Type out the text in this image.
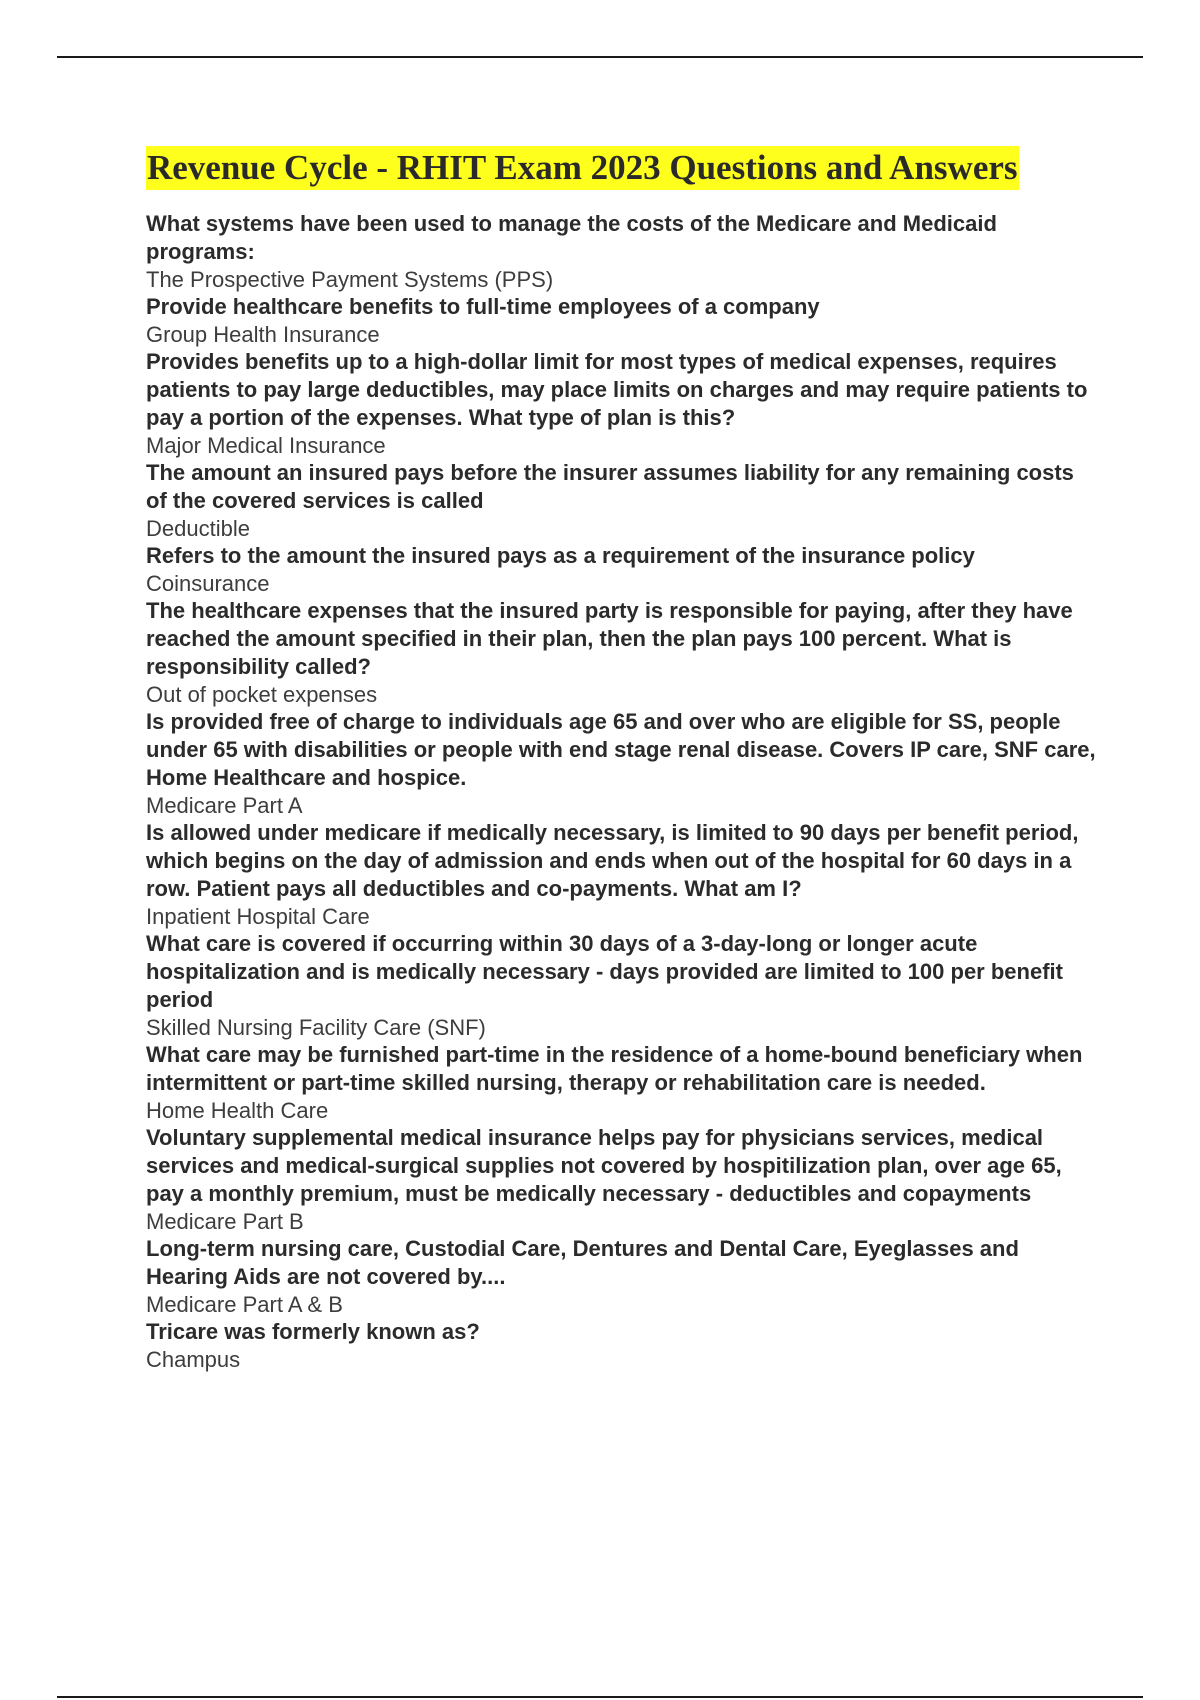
Revenue Cycle - RHIT Exam 2023 Questions and Answers

What systems have been used to manage the costs of the Medicare and Medicaid programs:

The Prospective Payment Systems (PPS)

Provide healthcare benefits to full-time employees of a company

Group Health Insurance

Provides benefits up to a high-dollar limit for most types of medical expenses, requires patients to pay large deductibles, may place limits on charges and may require patients to pay a portion of the expenses. What type of plan is this?

Major Medical Insurance

The amount an insured pays before the insurer assumes liability for any remaining costs of the covered services is called

Deductible

Refers to the amount the insured pays as a requirement of the insurance policy

Coinsurance

The healthcare expenses that the insured party is responsible for paying, after they have reached the amount specified in their plan, then the plan pays 100 percent. What is responsibility called?

Out of pocket expenses

Is provided free of charge to individuals age 65 and over who are eligible for SS, people under 65 with disabilities or people with end stage renal disease. Covers IP care, SNF care, Home Healthcare and hospice.

Medicare Part A

Is allowed under medicare if medically necessary, is limited to 90 days per benefit period, which begins on the day of admission and ends when out of the hospital for 60 days in a row. Patient pays all deductibles and co-payments. What am I?

Inpatient Hospital Care

What care is covered if occurring within 30 days of a 3-day-long or longer acute hospitalization and is medically necessary - days provided are limited to 100 per benefit period

Skilled Nursing Facility Care (SNF)

What care may be furnished part-time in the residence of a home-bound beneficiary when intermittent or part-time skilled nursing, therapy or rehabilitation care is needed.

Home Health Care

Voluntary supplemental medical insurance helps pay for physicians services, medical services and medical-surgical supplies not covered by hospitilization plan, over age 65, pay a monthly premium, must be medically necessary - deductibles and copayments

Medicare Part B

Long-term nursing care, Custodial Care, Dentures and Dental Care, Eyeglasses and Hearing Aids are not covered by....

Medicare Part A & B

Tricare was formerly known as?

Champus
